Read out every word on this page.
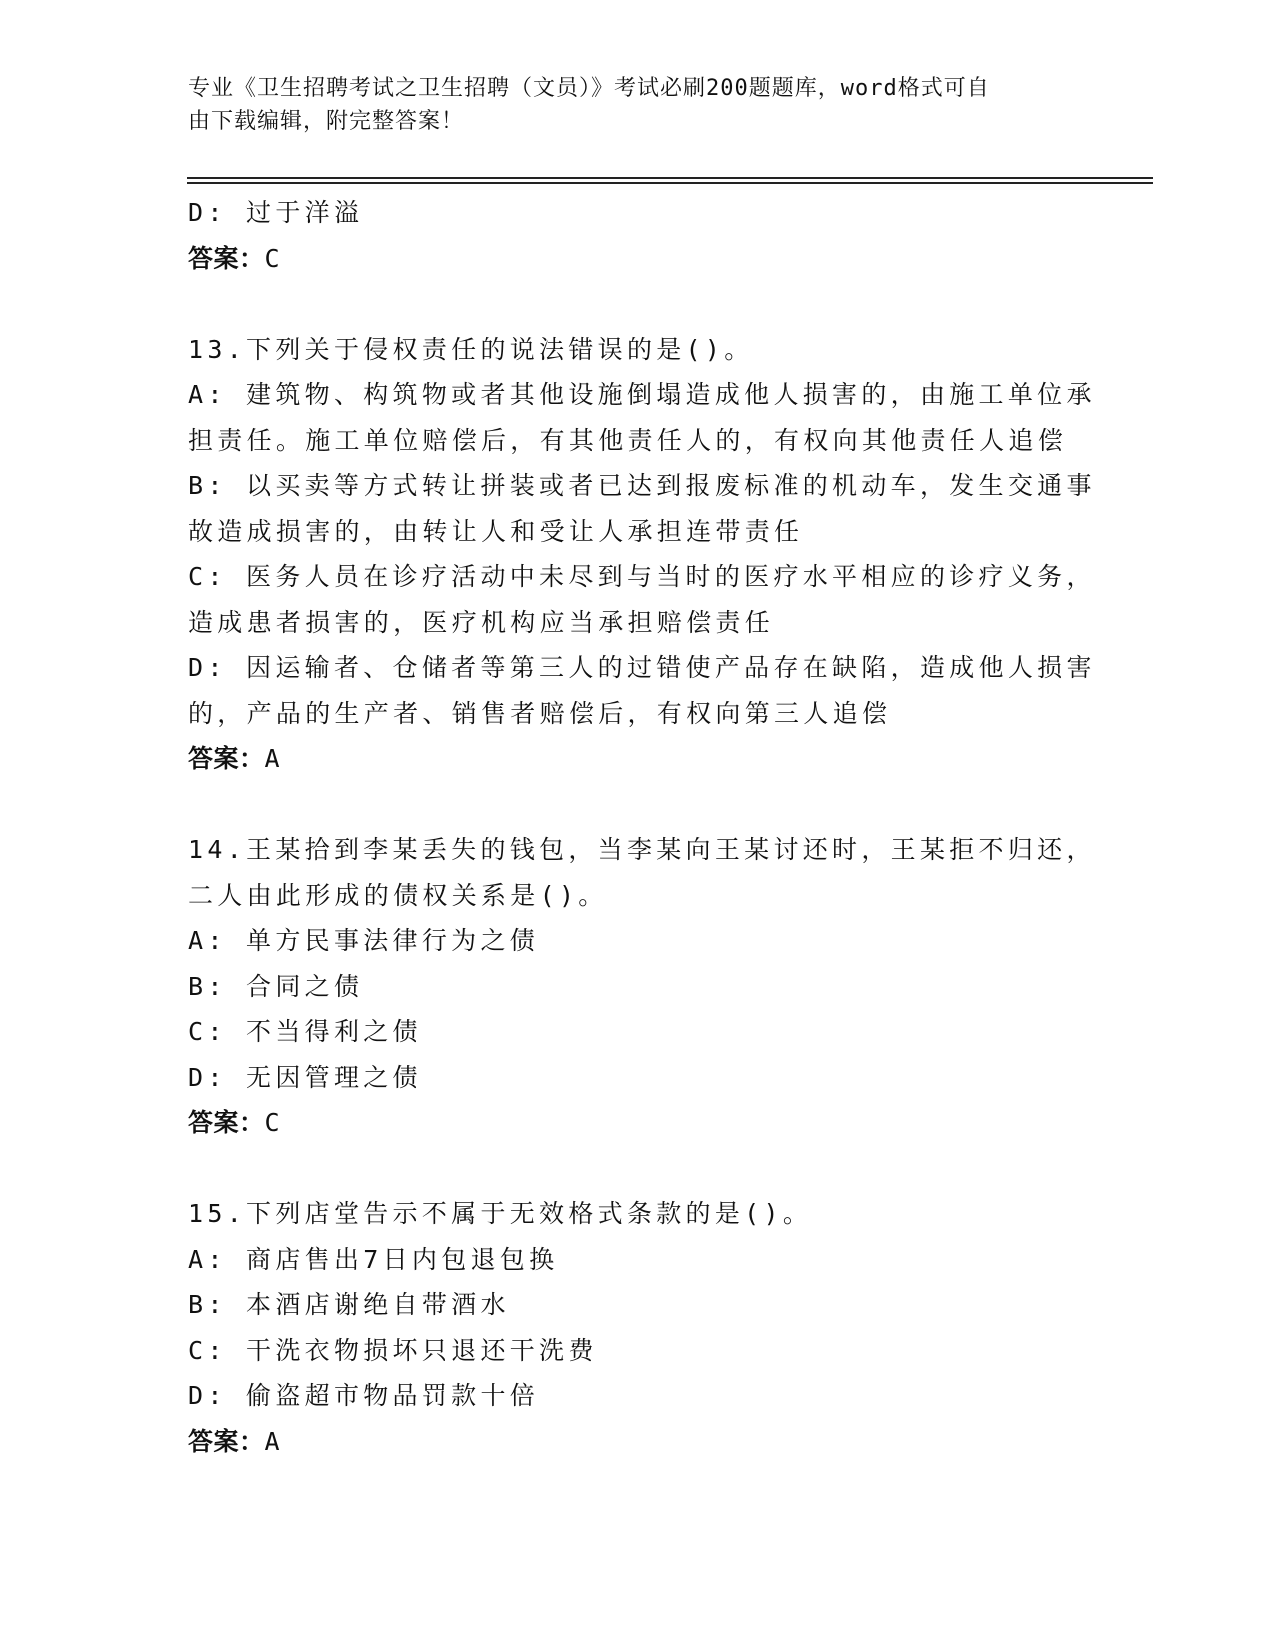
专业《卫生招聘考试之卫生招聘（文员）》考试必刷200题题库，word格式可自
由下载编辑，附完整答案！
D: 过于洋溢
答案：C
13.下列关于侵权责任的说法错误的是()。
A: 建筑物、构筑物或者其他设施倒塌造成他人损害的，由施工单位承
担责任。施工单位赔偿后，有其他责任人的，有权向其他责任人追偿
B: 以买卖等方式转让拼装或者已达到报废标准的机动车，发生交通事
故造成损害的，由转让人和受让人承担连带责任
C: 医务人员在诊疗活动中未尽到与当时的医疗水平相应的诊疗义务，
造成患者损害的，医疗机构应当承担赔偿责任
D: 因运输者、仓储者等第三人的过错使产品存在缺陷，造成他人损害
的，产品的生产者、销售者赔偿后，有权向第三人追偿
答案：A
14.王某拾到李某丢失的钱包，当李某向王某讨还时，王某拒不归还，
二人由此形成的债权关系是()。
A: 单方民事法律行为之债
B: 合同之债
C: 不当得利之债
D: 无因管理之债
答案：C
15.下列店堂告示不属于无效格式条款的是()。
A: 商店售出7日内包退包换
B: 本酒店谢绝自带酒水
C: 干洗衣物损坏只退还干洗费
D: 偷盗超市物品罚款十倍
答案：A
